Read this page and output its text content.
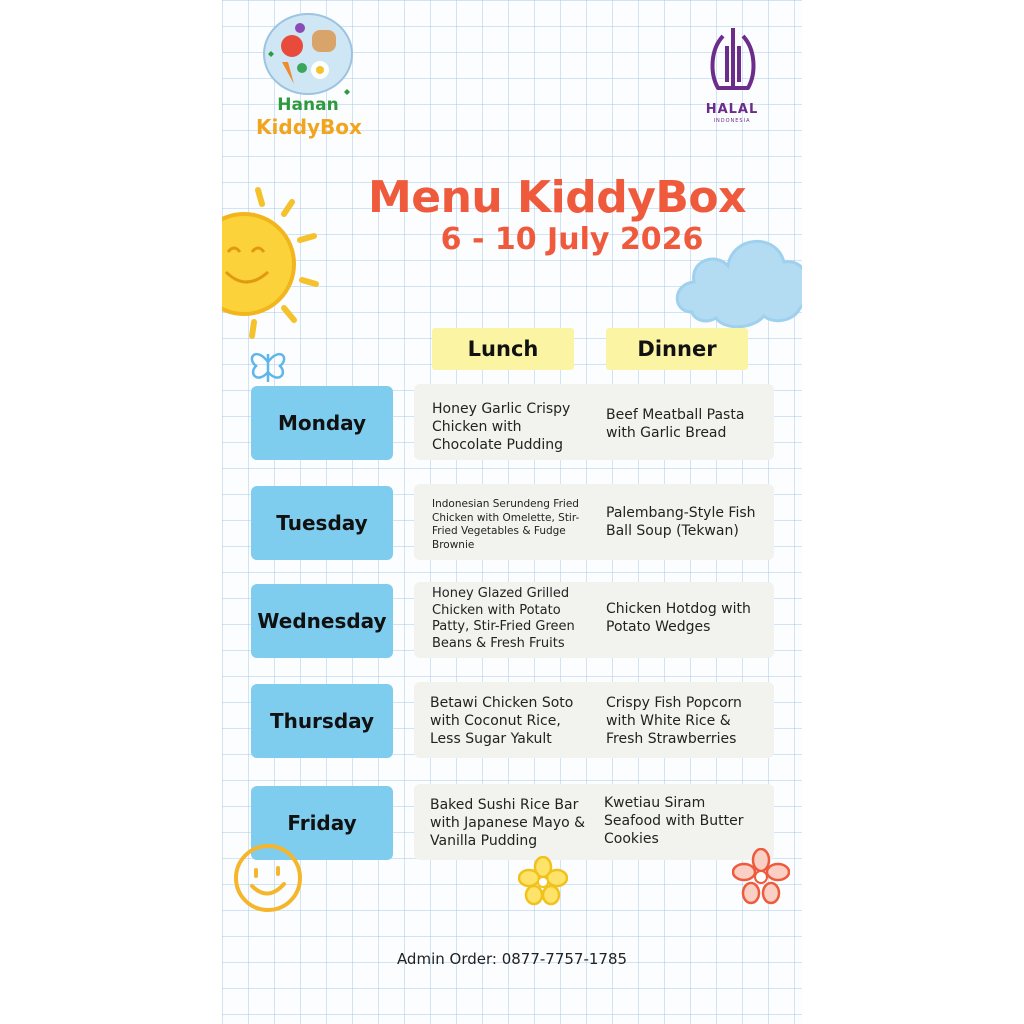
Hanan
KiddyBox
HALAL
INDONESIA
Menu KiddyBox
6 - 10 July 2026
Lunch	Dinner
Monday
Honey Garlic Crispy Chicken with Chocolate Pudding
Beef Meatball Pasta with Garlic Bread
Tuesday
Indonesian Serundeng Fried Chicken with Omelette, Stir-Fried Vegetables & Fudge Brownie
Palembang-Style Fish Ball Soup (Tekwan)
Wednesday
Honey Glazed Grilled Chicken with Potato Patty, Stir-Fried Green Beans & Fresh Fruits
Chicken Hotdog with Potato Wedges
Thursday
Betawi Chicken Soto with Coconut Rice, Less Sugar Yakult
Crispy Fish Popcorn with White Rice & Fresh Strawberries
Friday
Baked Sushi Rice Bar with Japanese Mayo & Vanilla Pudding
Kwetiau Siram Seafood with Butter Cookies
Admin Order: 0877-7757-1785
